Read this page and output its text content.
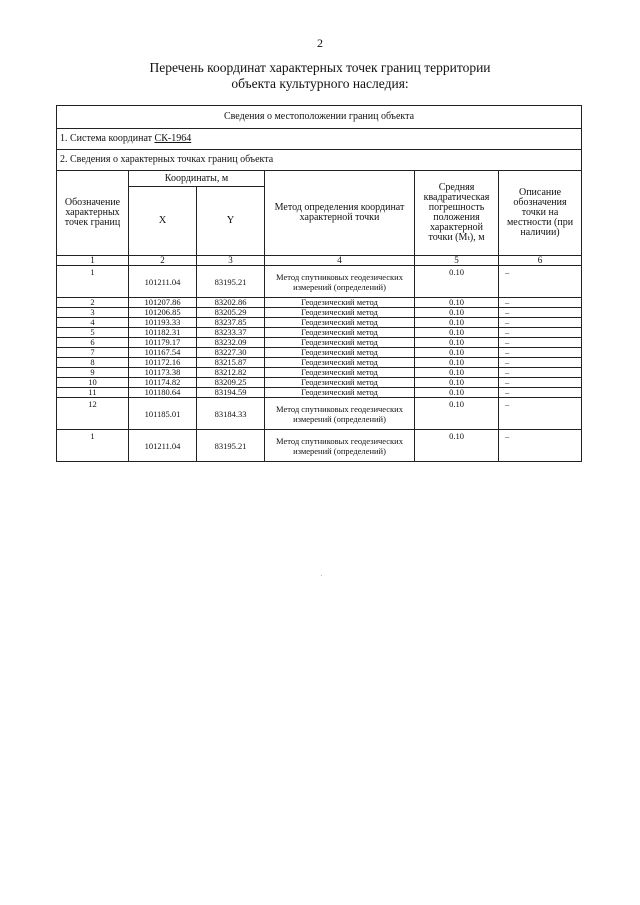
2
Перечень координат характерных точек границ территории
объекта культурного наследия:
Сведения о местоположении границ объекта					
1. Система координат СК-1964					
2. Сведения о характерных точках границ объекта					
Обозначение характерных точек границ	Координаты, м		Метод определения координат характерной точки	Средняя квадратическая погрешность положения характерной точки (Mₜ), м	Описание обозначения точки на местности (при наличии)
	X	Y			
1	2	3	4	5	6
1	101211.04	83195.21	Метод спутниковых геодезических измерений (определений)	0.10	–
2	101207.86	83202.86	Геодезический метод	0.10	–
3	101206.85	83205.29	Геодезический метод	0.10	–
4	101193.33	83237.85	Геодезический метод	0.10	–
5	101182.31	83233.37	Геодезический метод	0.10	–
6	101179.17	83232.09	Геодезический метод	0.10	–
7	101167.54	83227.30	Геодезический метод	0.10	–
8	101172.16	83215.87	Геодезический метод	0.10	–
9	101173.38	83212.82	Геодезический метод	0.10	–
10	101174.82	83209.25	Геодезический метод	0.10	–
11	101180.64	83194.59	Геодезический метод	0.10	–
12	101185.01	83184.33	Метод спутниковых геодезических измерений (определений)	0.10	–
1	101211.04	83195.21	Метод спутниковых геодезических измерений (определений)	0.10	–
